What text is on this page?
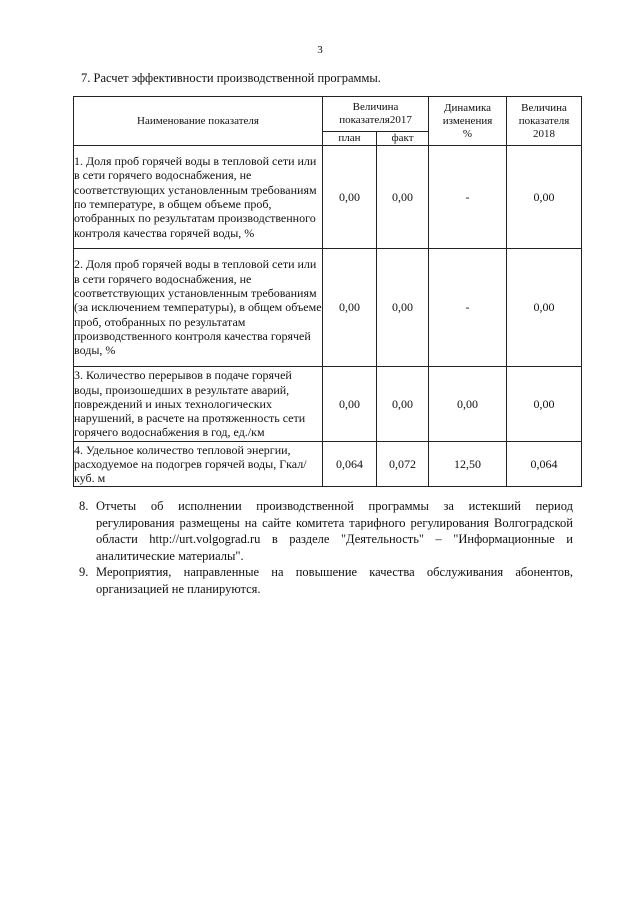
3
7. Расчет эффективности производственной программы.
Наименование показателя	Величина показателя2017		Динамика изменения %	Величина показателя 2018
	план	факт		
1. Доля проб горячей воды в тепловой сети или в сети горячего водоснабжения, не соответствующих установленным требованиям по температуре, в общем объеме проб, отобранных по результатам производственного контроля качества горячей воды, %	0,00	0,00	-	0,00
2. Доля проб горячей воды в тепловой сети или в сети горячего водоснабжения, не соответствующих установленным требованиям (за исключением температуры), в общем объеме проб, отобранных по результатам производственного контроля качества горячей воды, %	0,00	0,00	-	0,00
3. Количество перерывов в подаче горячей воды, произошедших в результате аварий, повреждений и иных технологических нарушений, в расчете на протяженность сети горячего водоснабжения в год, ед./км	0,00	0,00	0,00	0,00
4. Удельное количество тепловой энергии, расходуемое на подогрев горячей воды, Гкал/куб. м	0,064	0,072	12,50	0,064
8. Отчеты об исполнении производственной программы за истекший период регулирования размещены на сайте комитета тарифного регулирования Волгоградской области http://urt.volgograd.ru в разделе "Деятельность" – "Информационные и аналитические материалы".
9. Мероприятия, направленные на повышение качества обслуживания абонентов, организацией не планируются.
